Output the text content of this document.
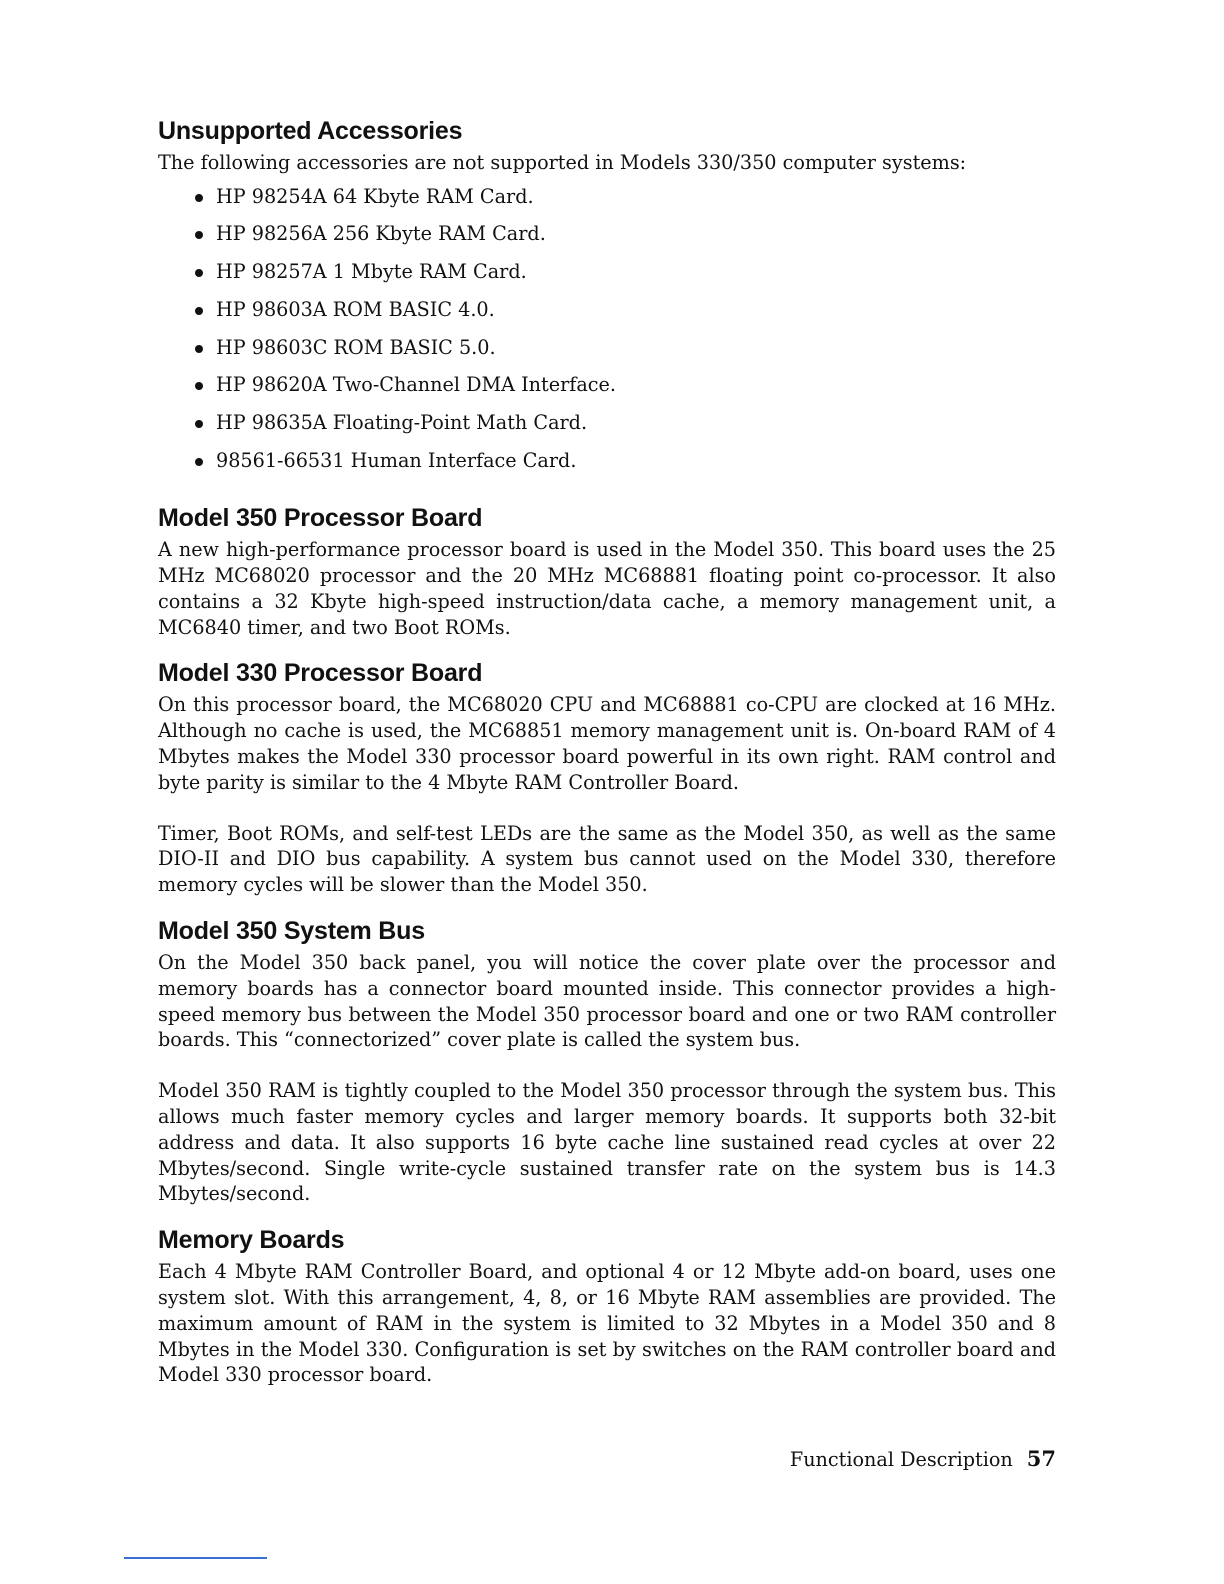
Unsupported Accessories

The following accessories are not supported in Models 330/350 computer systems:

HP 98254A 64 Kbyte RAM Card.
HP 98256A 256 Kbyte RAM Card.
HP 98257A 1 Mbyte RAM Card.
HP 98603A ROM BASIC 4.0.
HP 98603C ROM BASIC 5.0.
HP 98620A Two-Channel DMA Interface.
HP 98635A Floating-Point Math Card.
98561-66531 Human Interface Card.
Model 350 Processor Board

A new high-performance processor board is used in the Model 350. This board uses the 25 MHz MC68020 processor and the 20 MHz MC68881 floating point co-processor. It also contains a 32 Kbyte high-speed instruction/data cache, a memory management unit, a MC6840 timer, and two Boot ROMs.

Model 330 Processor Board

On this processor board, the MC68020 CPU and MC68881 co-CPU are clocked at 16 MHz. Although no cache is used, the MC68851 memory management unit is. On-board RAM of 4 Mbytes makes the Model 330 processor board powerful in its own right. RAM control and byte parity is similar to the 4 Mbyte RAM Controller Board.

Timer, Boot ROMs, and self-test LEDs are the same as the Model 350, as well as the same DIO-II and DIO bus capability. A system bus cannot used on the Model 330, therefore memory cycles will be slower than the Model 350.

Model 350 System Bus

On the Model 350 back panel, you will notice the cover plate over the processor and memory boards has a connector board mounted inside. This connector provides a high-speed memory bus between the Model 350 processor board and one or two RAM controller boards. This “connectorized” cover plate is called the system bus.

Model 350 RAM is tightly coupled to the Model 350 processor through the system bus. This allows much faster memory cycles and larger memory boards. It supports both 32-bit address and data. It also supports 16 byte cache line sustained read cycles at over 22 Mbytes/second. Single write-cycle sustained transfer rate on the system bus is 14.3 Mbytes/second.

Memory Boards

Each 4 Mbyte RAM Controller Board, and optional 4 or 12 Mbyte add-on board, uses one system slot. With this arrangement, 4, 8, or 16 Mbyte RAM assemblies are provided. The maximum amount of RAM in the system is limited to 32 Mbytes in a Model 350 and 8 Mbytes in the Model 330. Configuration is set by switches on the RAM controller board and Model 330 processor board.

Functional Description 57
